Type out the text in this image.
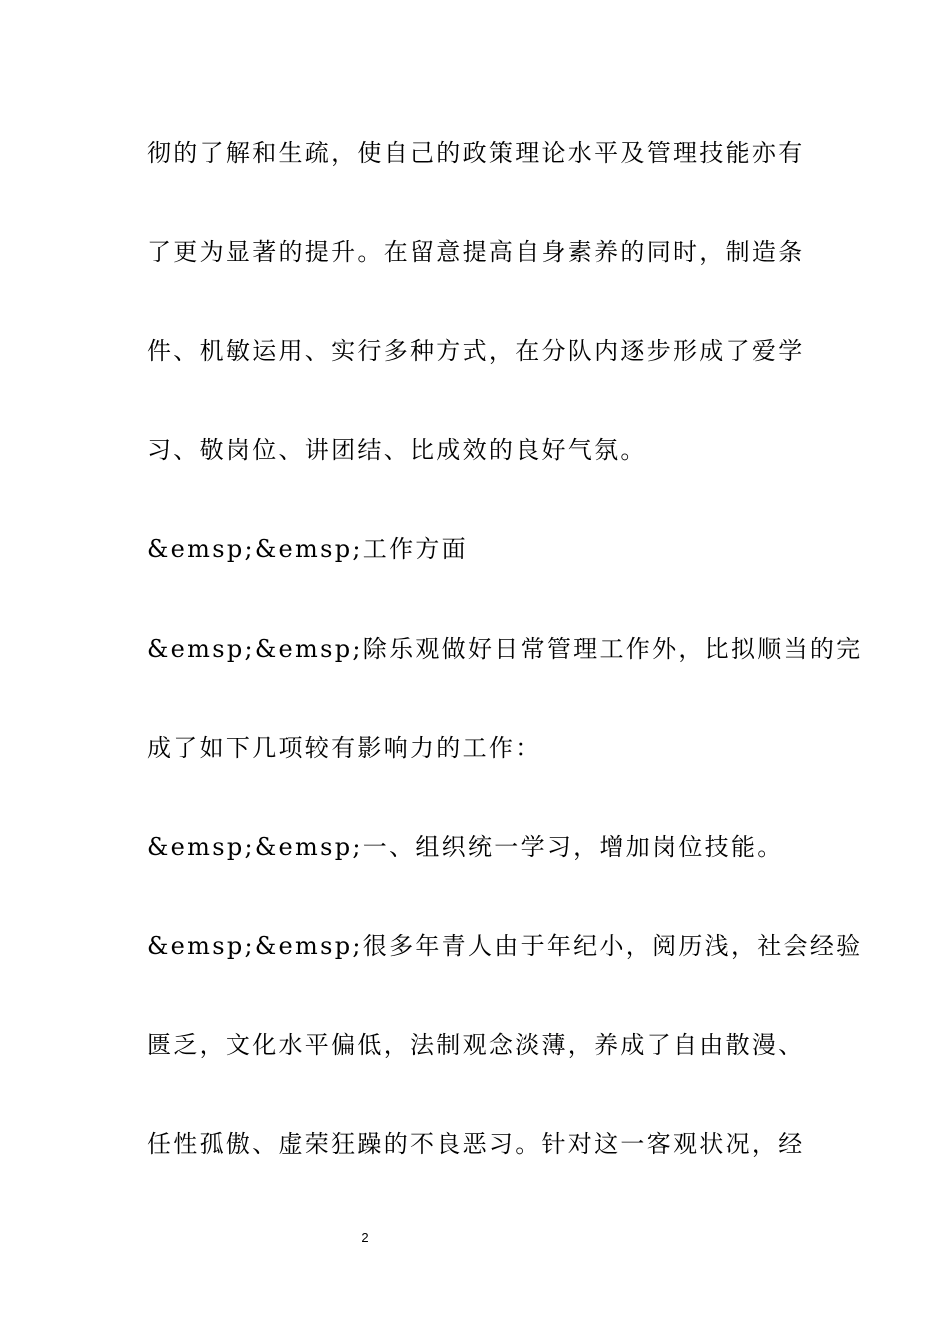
彻的了解和生疏，使自己的政策理论水平及管理技能亦有
了更为显著的提升。在留意提高自身素养的同时，制造条
件、机敏运用、实行多种方式，在分队内逐步形成了爱学
习、敬岗位、讲团结、比成效的良好气氛。
&emsp;&emsp;工作方面
&emsp;&emsp;除乐观做好日常管理工作外，比拟顺当的完
成了如下几项较有影响力的工作：
&emsp;&emsp;一、组织统一学习，增加岗位技能。
&emsp;&emsp;很多年青人由于年纪小，阅历浅，社会经验
匮乏，文化水平偏低，法制观念淡薄，养成了自由散漫、
任性孤傲、虚荣狂躁的不良恶习。针对这一客观状况，经
2
